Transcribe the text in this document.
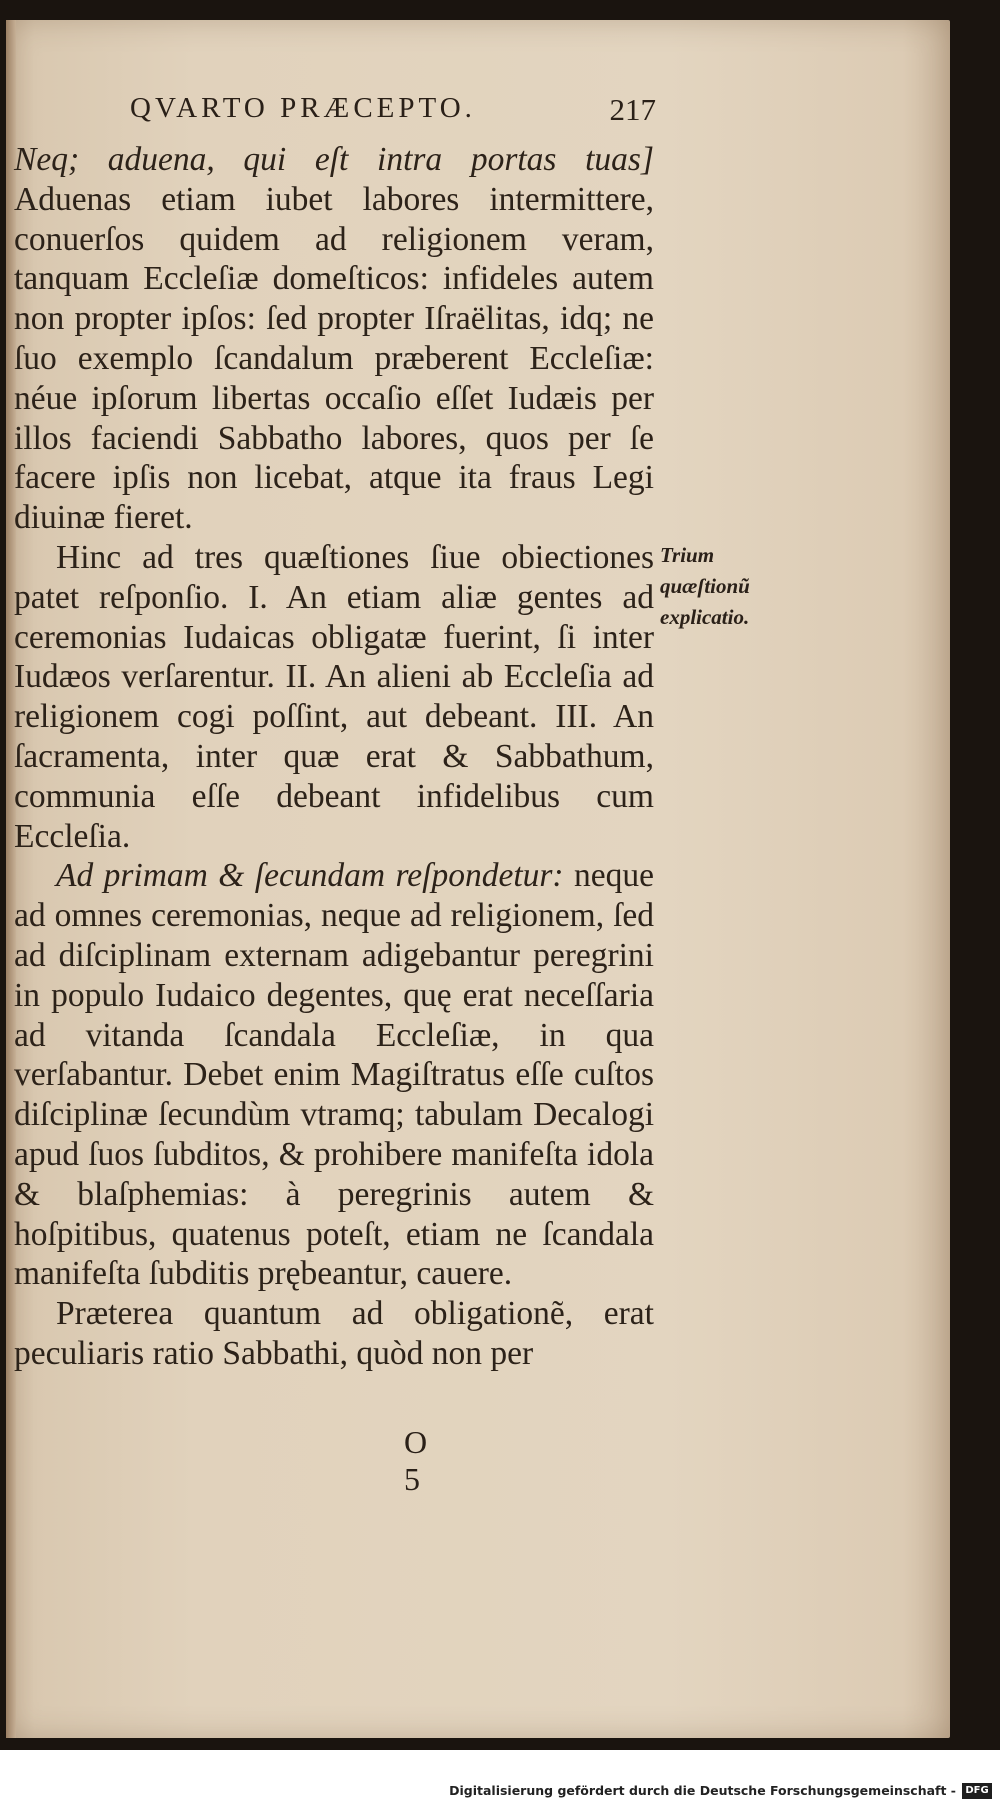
QVARTO PRÆCEPTO.	217

Neq; aduena, qui eſt intra portas tuas] Aduenas etiam iubet labores intermittere, conuerſos quidem ad religionem veram, tanquam Eccleſiæ domeſticos: infideles autem non propter ipſos: ſed propter Iſraëlitas, idq; ne ſuo exemplo ſcandalum præberent Eccleſiæ: néue ipſorum libertas occaſio eſſet Iudæis per illos faciendi Sabbatho labores, quos per ſe facere ipſis non licebat, atque ita fraus Legi diuinæ fieret.

Hinc ad tres quæſtiones ſiue obiectiones patet reſponſio. I. An etiam aliæ gentes ad ceremonias Iudaicas obligatæ fuerint, ſi inter Iudæos verſarentur. II. An alieni ab Eccleſia ad religionem cogi poſſint, aut debeant. III. An ſacramenta, inter quæ erat & Sabbathum, communia eſſe debeant infidelibus cum Eccleſia.

Ad primam & ſecundam reſpondetur: neque ad omnes ceremonias, neque ad religionem, ſed ad diſciplinam externam adigebantur peregrini in populo Iudaico degentes, quę erat neceſſaria ad vitanda ſcandala Eccleſiæ, in qua verſabantur. Debet enim Magiſtratus eſſe cuſtos diſciplinæ ſecundùm vtramq; tabulam Decalogi apud ſuos ſubditos, & prohibere manifeſta idola & blaſphemias: à peregrinis autem & hoſpitibus, quatenus poteſt, etiam ne ſcandala manifeſta ſubditis prębeantur, cauere.

Præterea quantum ad obligationẽ, erat peculiaris ratio Sabbathi, quòd non per

Trium
quæſtionũ
explicatio.
O 5
Digitalisierung gefördert durch die Deutsche Forschungsgemeinschaft - DFG
